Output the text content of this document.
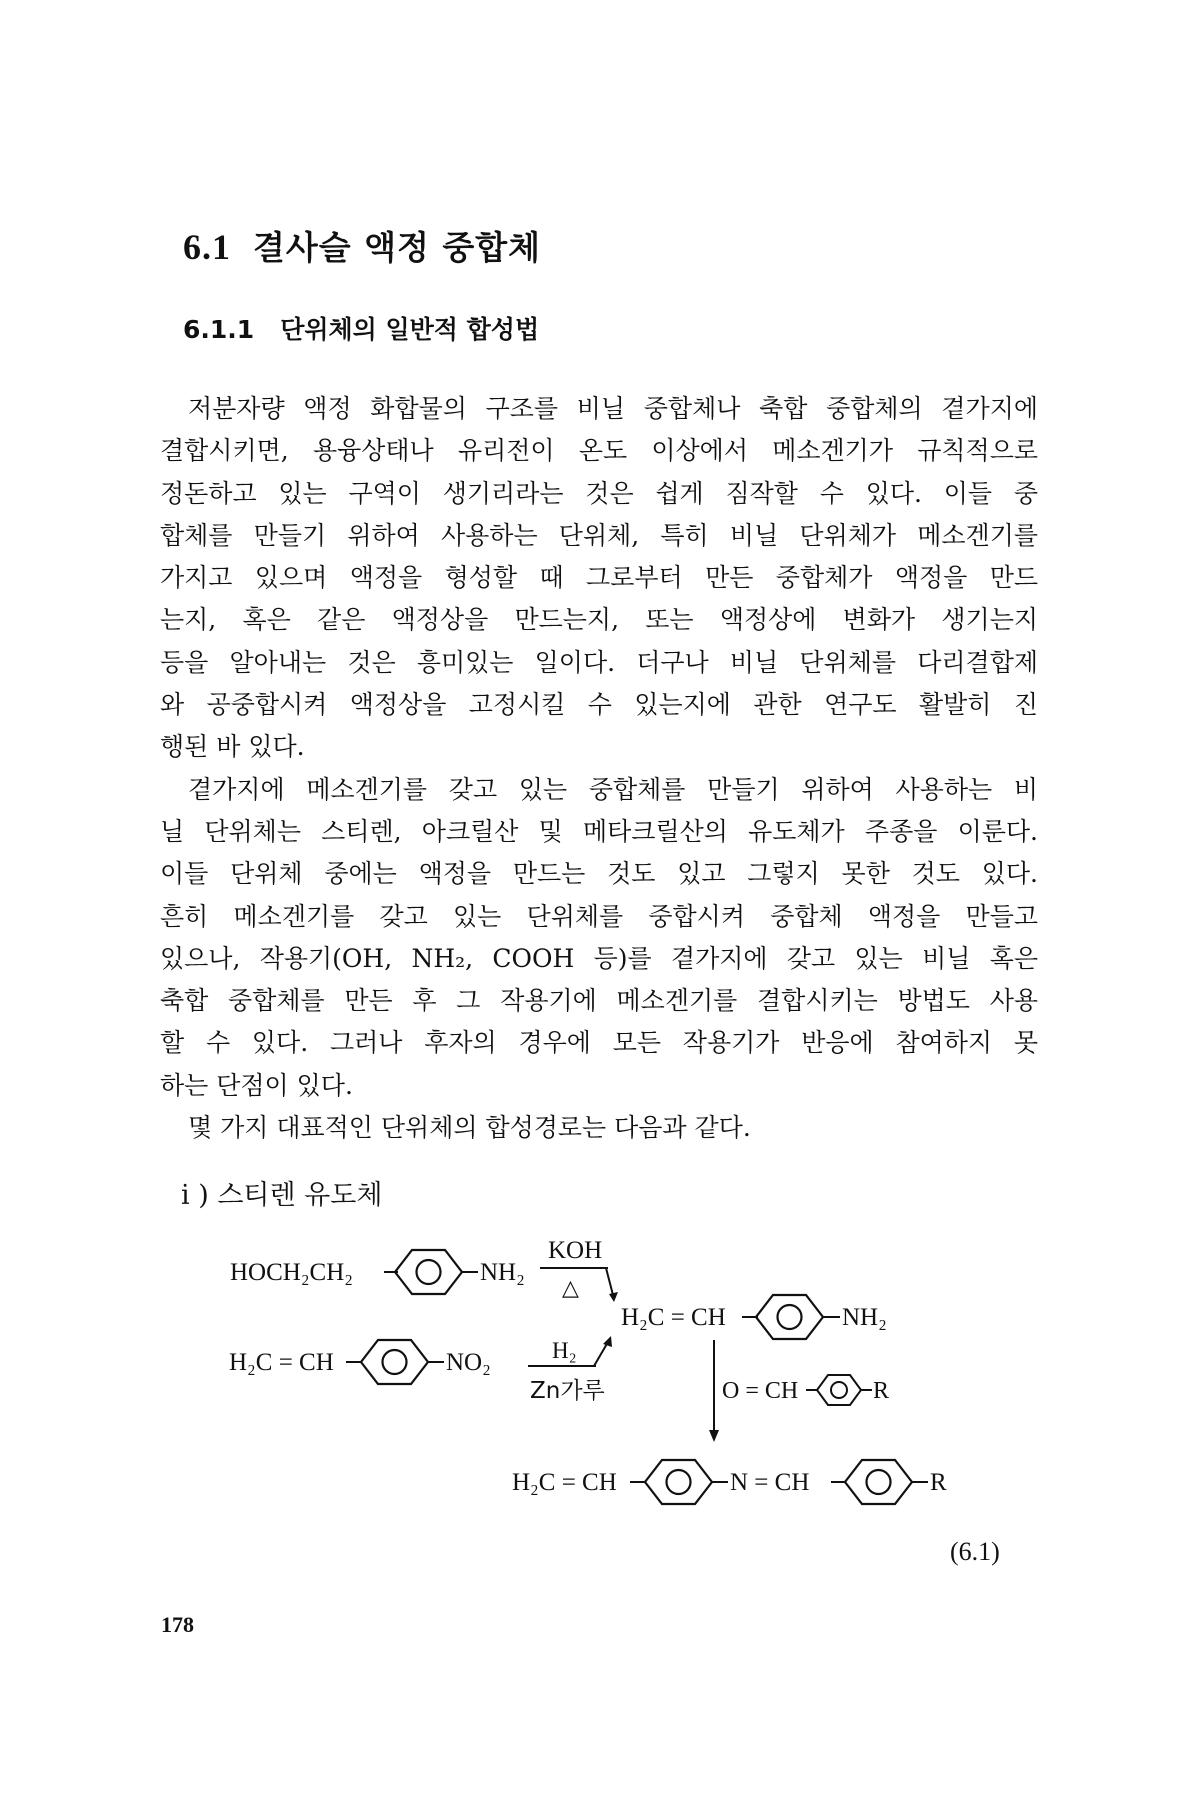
6.1 결사슬 액정 중합체
6.1.1 단위체의 일반적 합성법
저분자량 액정 화합물의 구조를 비닐 중합체나 축합 중합체의 곁가지에
결합시키면, 용융상태나 유리전이 온도 이상에서 메소겐기가 규칙적으로
정돈하고 있는 구역이 생기리라는 것은 쉽게 짐작할 수 있다. 이들 중
합체를 만들기 위하여 사용하는 단위체, 특히 비닐 단위체가 메소겐기를
가지고 있으며 액정을 형성할 때 그로부터 만든 중합체가 액정을 만드
는지, 혹은 같은 액정상을 만드는지, 또는 액정상에 변화가 생기는지
등을 알아내는 것은 흥미있는 일이다. 더구나 비닐 단위체를 다리결합제
와 공중합시켜 액정상을 고정시킬 수 있는지에 관한 연구도 활발히 진
행된 바 있다.
곁가지에 메소겐기를 갖고 있는 중합체를 만들기 위하여 사용하는 비
닐 단위체는 스티렌, 아크릴산 및 메타크릴산의 유도체가 주종을 이룬다.
이들 단위체 중에는 액정을 만드는 것도 있고 그렇지 못한 것도 있다.
흔히 메소겐기를 갖고 있는 단위체를 중합시켜 중합체 액정을 만들고
있으나, 작용기(OH, NH₂, COOH 등)를 곁가지에 갖고 있는 비닐 혹은
축합 중합체를 만든 후 그 작용기에 메소겐기를 결합시키는 방법도 사용
할 수 있다. 그러나 후자의 경우에 모든 작용기가 반응에 참여하지 못
하는 단점이 있다.
몇 가지 대표적인 단위체의 합성경로는 다음과 같다.
i ) 스티렌 유도체
HOCH₂CH₂	NH₂
KOH
△
H₂C = CH	NO₂	H₂
Zn가루
H₂C = CH	NH₂
O = CH	R
H₂C = CH	N = CH	R
(6.1)
178
